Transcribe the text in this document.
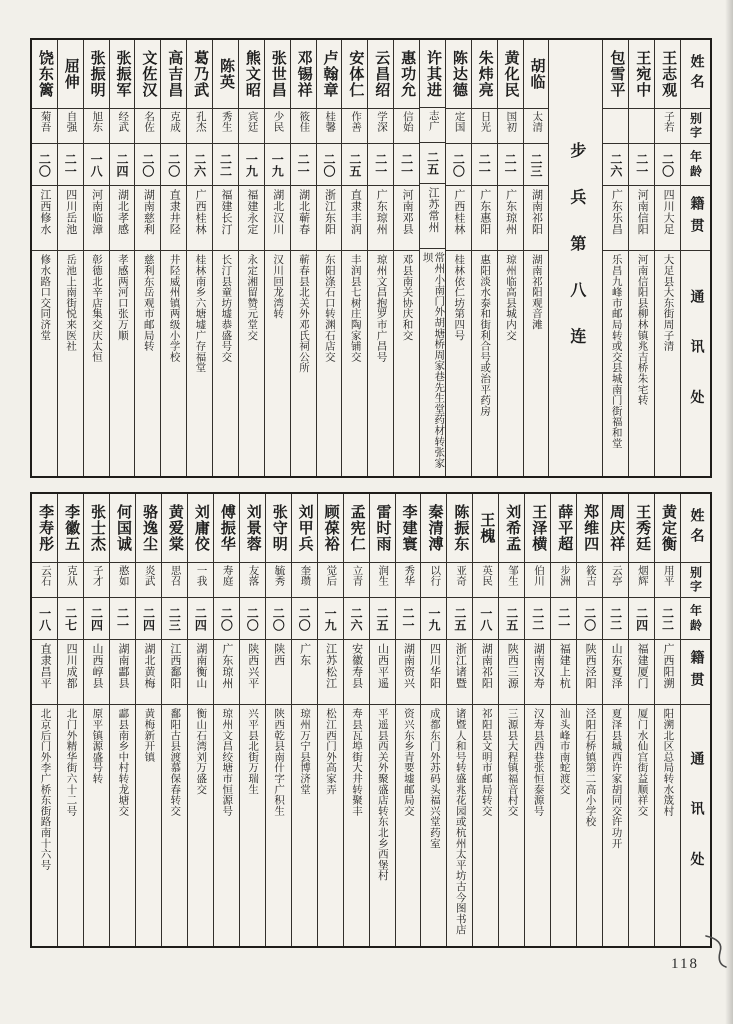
姓名
别字
年龄
籍贯
通讯处
王志观
子若
二〇
四川大足
大足县大东街周子清
王宛中
二一
河南信阳
河南信阳县柳林镇兆吉桥朱宅转
包雪平
二六
广东乐昌
乐昌九峰市邮局转或交县城南门街福和堂
步兵第八连
胡临
太清
二三
湖南祁阳
湖南祁阳观音滩
黄化民
国初
二一
广东琼州
琼州临高县城内交
朱炜亮
日光
二一
广东惠阳
惠阳淡水泰和街利合号或治平药房
陈达德
定国
二〇
广西桂林
桂林依仁坊第四号
许其进
志广
二五
江苏常州
常州小南门外胡塘桥周家巷先生堂药材转张家坝
惠功允
信始
二一
河南邓县
邓县南关协庆和交
云昌绍
学深
二一
广东琼州
琼州文昌抱罗市广昌号
安体仁
作善
二五
直隶丰润
丰润县七树庄陶家铺交
卢翰章
桂馨
二〇
浙江东阳
东阳涤石口转渊石店交
邓锡祥
筱佳
二一
湖北蕲春
蕲春县北关外邓氏祠公所
张世昌
少民
一九
湖北汉川
汉川回龙湾转
熊文昭
宾廷
一九
福建永定
永定湘留赞元堂交
陈英
秀生
二二
福建长汀
长汀县童坊墟恭盛号交
葛乃武
孔杰
二六
广西桂林
桂林南乡六塘墟广存福堂
高吉昌
克成
二〇
直隶井陉
井陉威州镇两级小学校
文佐汉
名佐
二〇
湖南慈利
慈利东岳观市邮局转
张振军
经武
二四
湖北孝感
孝感两河口张万顺
张振明
旭东
一八
河南临漳
彰德北辛店集交庆太恒
屈伸
自强
二一
四川岳池
岳池上南街悦来医社
饶东篱
菊吾
二〇
江西修水
修水路口交同济堂
姓名
别字
年龄
籍贯
通讯处
黄定衡
用平
二二
广西阳溯
阳溯北区总局转水筬村
王秀廷
烟辉
二四
福建厦门
厦门水仙宫街益顺祥交
周庆祥
云亭
二二
山东夏泽
夏泽县城西许家胡同交许功开
郑维四
筱吉
二〇
陕西泾阳
泾阳石桥镇第二高小学校
薛平超
步洲
二一
福建上杭
汕头峰市南蛇渡交
王泽横
伯川
二二
湖南汉寿
汉寿县西巷张恒泰源号
刘希孟
邹生
二五
陕西三源
三源县大程镇福音村交
王槐
英民
一八
湖南祁阳
祁阳县文明市邮局转交
陈振东
亚奇
二五
浙江诸暨
诸暨人和号转盛兆花园或杭州太平坊古今图书店
秦清溥
以行
一九
四川华阳
成都东门外苏码头福兴堂药室
李建寰
秀华
二一
湖南资兴
资兴东乡青要墟邮局交
雷时雨
润生
二五
山西平遥
平遥县西关外聚盛店转东北乡西堡村
孟宪仁
立青
二六
安徽寿县
寿县瓦埠街大井转聚丰
顾葆裕
觉后
一九
江苏松江
松江西门外高家弄
刘甲兵
奎瓒
二〇
广东
琼州万宁县博济堂
张守明
毓秀
二〇
陕西
陕西乾县南什字广积生
刘景蓉
友落
二〇
陕西兴平
兴平县北街万瑞生
傅振华
寿庭
二〇
广东琼州
琼州文昌绞塘市恒源号
刘庸佼
一我
二四
湖南衡山
衡山石湾刘万盛交
黄爱棠
思召
二三
江西鄱阳
鄱阳古县渡慕保春转交
骆逸尘
炎武
二四
湖北黄梅
黄梅新开镇
何国诚
憨如
二一
湖南酃县
酃县南乡中村转龙塘交
张士杰
子才
二四
山西崞县
原平镇源盛号转
李徽五
克从
二七
四川成都
北门外精华街六十二号
李寿彤
云石
一八
直隶昌平
北京后门外李广桥东街路南十六号
118
